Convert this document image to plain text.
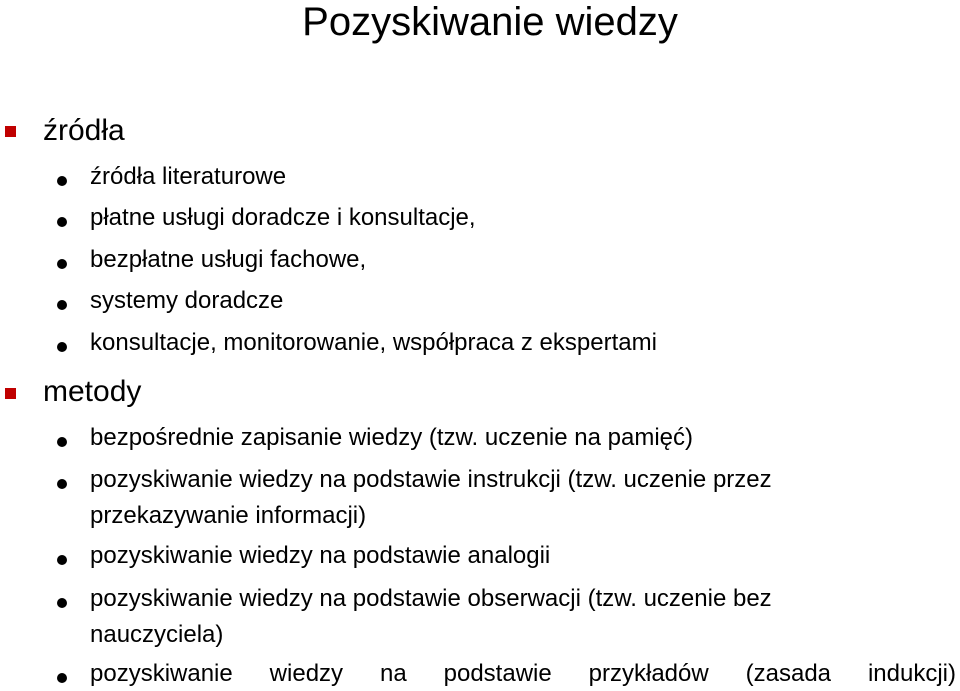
Pozyskiwanie wiedzy
źródła
źródła literaturowe
płatne usługi doradcze i konsultacje,
bezpłatne usługi fachowe,
systemy doradcze
konsultacje, monitorowanie, współpraca z ekspertami
metody
bezpośrednie zapisanie wiedzy (tzw. uczenie na pamięć)
pozyskiwanie wiedzy na podstawie instrukcji (tzw. uczenie przez
przekazywanie informacji)
pozyskiwanie wiedzy na podstawie analogii
pozyskiwanie wiedzy na podstawie obserwacji (tzw. uczenie bez
nauczyciela)
pozyskiwanie wiedzy na podstawie przykładów (zasada indukcji)
